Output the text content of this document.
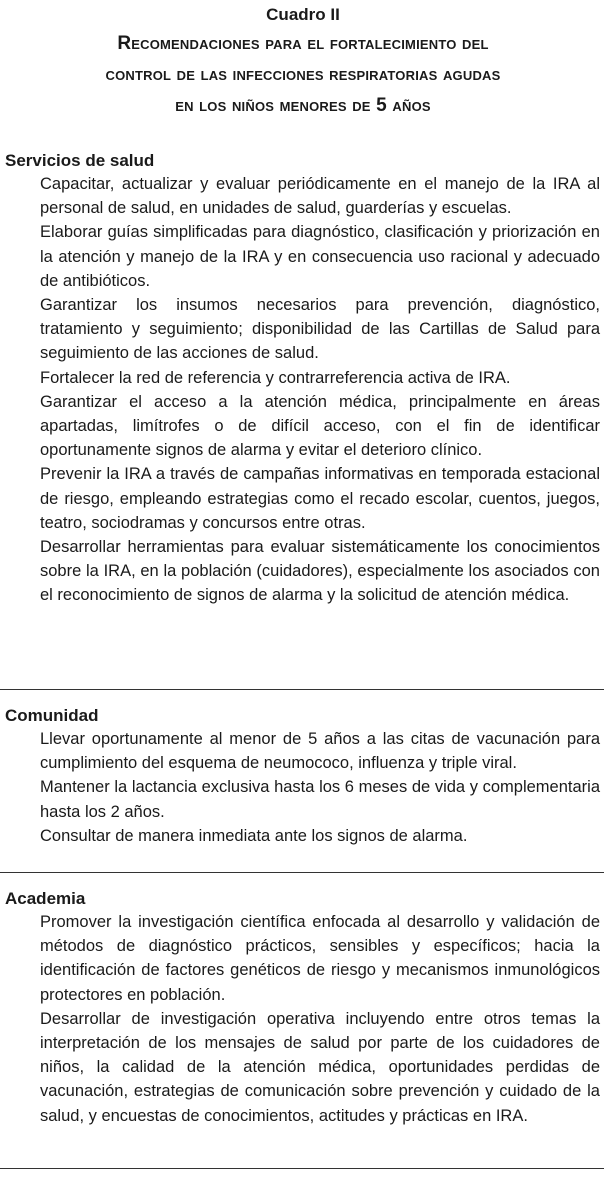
Cuadro II
Recomendaciones para el fortalecimiento del
control de las infecciones respiratorias agudas
en los niños menores de 5 años
Servicios de salud
Capacitar, actualizar y evaluar periódicamente en el manejo de la IRA al personal de salud, en unidades de salud, guarderías y escuelas.
Elaborar guías simplificadas para diagnóstico, clasificación y priorización en la atención y manejo de la IRA y en consecuencia uso racional y adecuado de antibióticos.
Garantizar los insumos necesarios para prevención, diagnóstico, tratamiento y seguimiento; disponibilidad de las Cartillas de Salud para seguimiento de las acciones de salud.
Fortalecer la red de referencia y contrarreferencia activa de IRA.
Garantizar el acceso a la atención médica, principalmente en áreas apartadas, limítrofes o de difícil acceso, con el fin de identificar oportunamente signos de alarma y evitar el deterioro clínico.
Prevenir la IRA a través de campañas informativas en temporada estacional de riesgo, empleando estrategias como el recado escolar, cuentos, juegos, teatro, sociodramas y concursos entre otras.
Desarrollar herramientas para evaluar sistemáticamente los conocimientos sobre la IRA, en la población (cuidadores), especialmente los asociados con el reconocimiento de signos de alarma y la solicitud de atención médica.
Comunidad
Llevar oportunamente al menor de 5 años a las citas de vacunación para cumplimiento del esquema de neumococo, influenza y triple viral.
Mantener la lactancia exclusiva hasta los 6 meses de vida y complementaria hasta los 2 años.
Consultar de manera inmediata ante los signos de alarma.
Academia
Promover la investigación científica enfocada al desarrollo y validación de métodos de diagnóstico prácticos, sensibles y específicos; hacia la identificación de factores genéticos de riesgo y mecanismos inmunológicos protectores en población.
Desarrollar de investigación operativa incluyendo entre otros temas la interpretación de los mensajes de salud por parte de los cuidadores de niños, la calidad de la atención médica, oportunidades perdidas de vacunación, estrategias de comunicación sobre prevención y cuidado de la salud, y encuestas de conocimientos, actitudes y prácticas en IRA.
